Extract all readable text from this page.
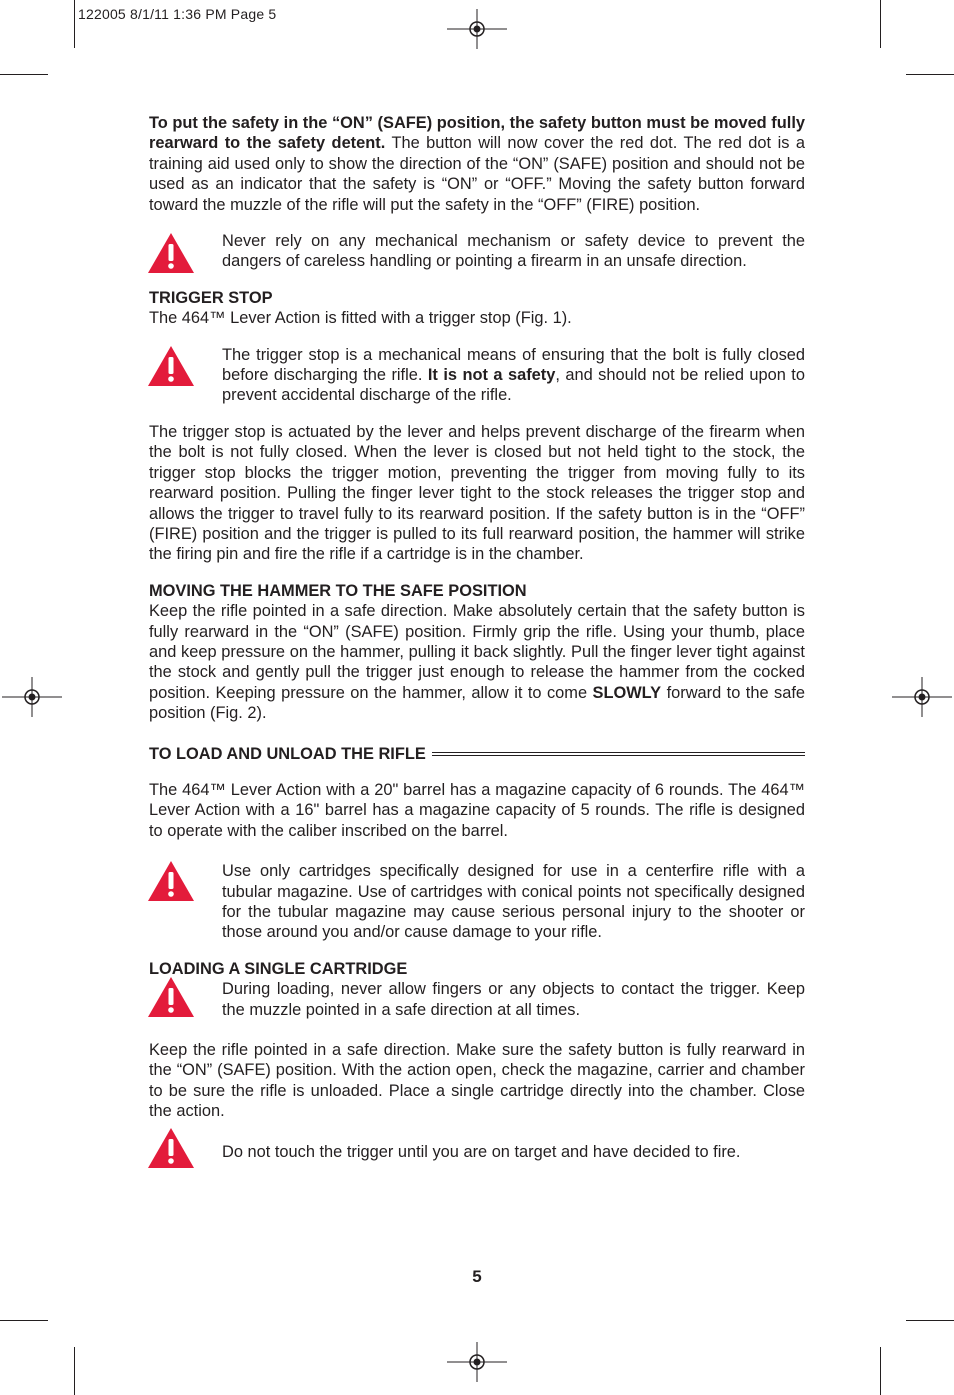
122005 8/1/11 1:36 PM Page 5

To put the safety in the “ON” (SAFE) position, the safety button must be moved fully rearward to the safety detent. The button will now cover the red dot. The red dot is a training aid used only to show the direction of the “ON” (SAFE) position and should not be used as an indicator that the safety is “ON” or “OFF.” Moving the safety button forward toward the muzzle of the rifle will put the safety in the “OFF” (FIRE) position.

Never rely on any mechanical mechanism or safety device to prevent the dangers of careless handling or pointing a firearm in an unsafe direction.

TRIGGER STOP

The 464™ Lever Action is fitted with a trigger stop (Fig. 1).

The trigger stop is a mechanical means of ensuring that the bolt is fully closed before discharging the rifle. It is not a safety, and should not be relied upon to prevent accidental discharge of the rifle.

The trigger stop is actuated by the lever and helps prevent discharge of the firearm when the bolt is not fully closed. When the lever is closed but not held tight to the stock, the trigger stop blocks the trigger motion, preventing the trigger from moving fully to its rearward position. Pulling the finger lever tight to the stock releases the trigger stop and allows the trigger to travel fully to its rearward position. If the safety button is in the “OFF” (FIRE) position and the trigger is pulled to its full rearward position, the hammer will strike the firing pin and fire the rifle if a cartridge is in the chamber.

MOVING THE HAMMER TO THE SAFE POSITION

Keep the rifle pointed in a safe direction. Make absolutely certain that the safety button is fully rearward in the “ON” (SAFE) position. Firmly grip the rifle. Using your thumb, place and keep pressure on the hammer, pulling it back slightly. Pull the finger lever tight against the stock and gently pull the trigger just enough to release the hammer from the cocked position. Keeping pressure on the hammer, allow it to come SLOWLY forward to the safe position (Fig. 2).

TO LOAD AND UNLOAD THE RIFLE

The 464™ Lever Action with a 20" barrel has a magazine capacity of 6 rounds. The 464™ Lever Action with a 16" barrel has a magazine capacity of 5 rounds. The rifle is designed to operate with the caliber inscribed on the barrel.

Use only cartridges specifically designed for use in a centerfire rifle with a tubular magazine. Use of cartridges with conical points not specifically designed for the tubular magazine may cause serious personal injury to the shooter or those around you and/or cause damage to your rifle.

LOADING A SINGLE CARTRIDGE

During loading, never allow fingers or any objects to contact the trigger. Keep the muzzle pointed in a safe direction at all times.

Keep the rifle pointed in a safe direction. Make sure the safety button is fully rearward in the “ON” (SAFE) position. With the action open, check the magazine, carrier and chamber to be sure the rifle is unloaded. Place a single cartridge directly into the chamber. Close the action.

Do not touch the trigger until you are on target and have decided to fire.

5
